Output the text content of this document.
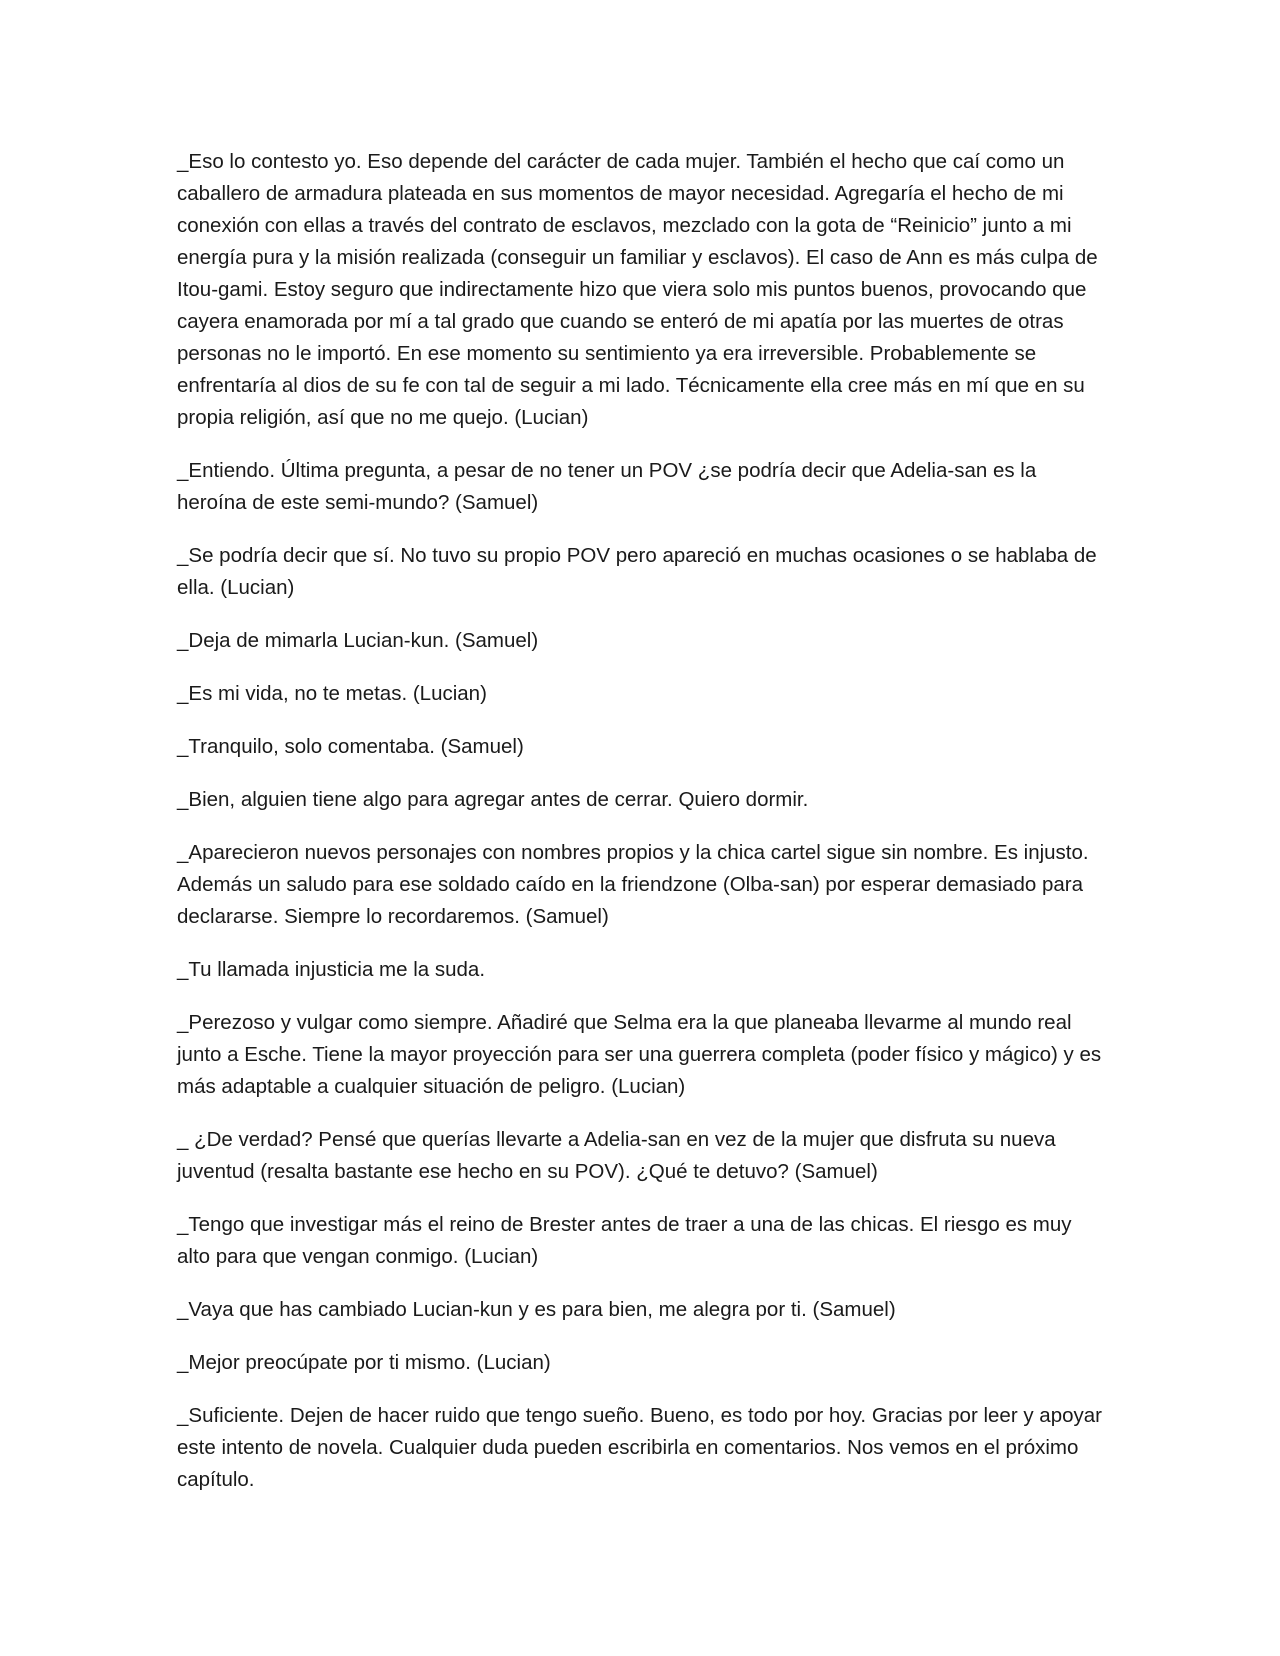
_Eso lo contesto yo. Eso depende del carácter de cada mujer. También el hecho que caí como un caballero de armadura plateada en sus momentos de mayor necesidad. Agregaría el hecho de mi conexión con ellas a través del contrato de esclavos, mezclado con la gota de “Reinicio” junto a mi energía pura y la misión realizada (conseguir un familiar y esclavos). El caso de Ann es más culpa de Itou-gami. Estoy seguro que indirectamente hizo que viera solo mis puntos buenos, provocando que cayera enamorada por mí a tal grado que cuando se enteró de mi apatía por las muertes de otras personas no le importó. En ese momento su sentimiento ya era irreversible. Probablemente se enfrentaría al dios de su fe con tal de seguir a mi lado. Técnicamente ella cree más en mí que en su propia religión, así que no me quejo. (Lucian)

_Entiendo. Última pregunta, a pesar de no tener un POV ¿se podría decir que Adelia-san es la heroína de este semi-mundo? (Samuel)

_Se podría decir que sí. No tuvo su propio POV pero apareció en muchas ocasiones o se hablaba de ella. (Lucian)

_Deja de mimarla Lucian-kun. (Samuel)

_Es mi vida, no te metas. (Lucian)

_Tranquilo, solo comentaba. (Samuel)

_Bien, alguien tiene algo para agregar antes de cerrar. Quiero dormir.

_Aparecieron nuevos personajes con nombres propios y la chica cartel sigue sin nombre. Es injusto. Además un saludo para ese soldado caído en la friendzone (Olba-san) por esperar demasiado para declararse. Siempre lo recordaremos. (Samuel)

_Tu llamada injusticia me la suda.

_Perezoso y vulgar como siempre. Añadiré que Selma era la que planeaba llevarme al mundo real junto a Esche. Tiene la mayor proyección para ser una guerrera completa (poder físico y mágico) y es más adaptable a cualquier situación de peligro. (Lucian)

_ ¿De verdad? Pensé que querías llevarte a Adelia-san en vez de la mujer que disfruta su nueva juventud (resalta bastante ese hecho en su POV). ¿Qué te detuvo? (Samuel)

_Tengo que investigar más el reino de Brester antes de traer a una de las chicas. El riesgo es muy alto para que vengan conmigo. (Lucian)

_Vaya que has cambiado Lucian-kun y es para bien, me alegra por ti. (Samuel)

_Mejor preocúpate por ti mismo. (Lucian)

_Suficiente. Dejen de hacer ruido que tengo sueño. Bueno, es todo por hoy. Gracias por leer y apoyar este intento de novela. Cualquier duda pueden escribirla en comentarios. Nos vemos en el próximo capítulo.
